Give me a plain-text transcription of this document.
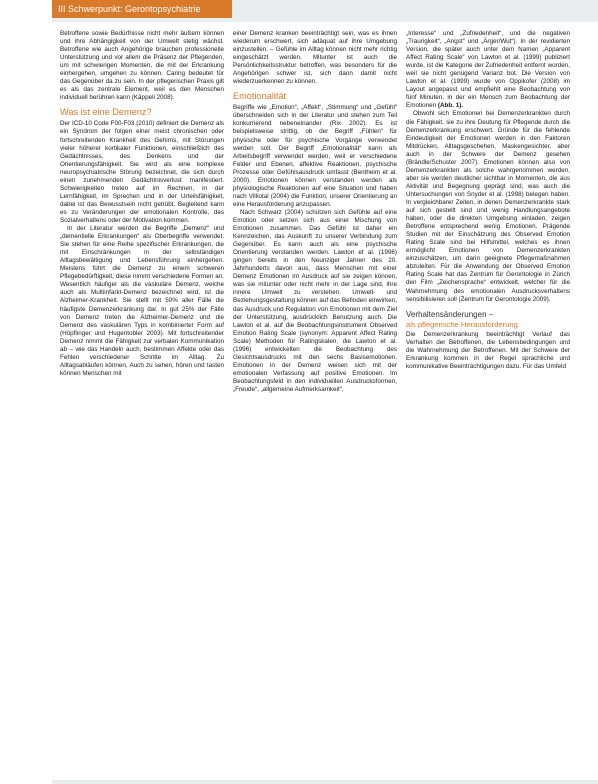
III Schwerpunkt: Gerontopsychiatrie

Betroffene sowie Bedürfnisse nicht mehr äußern können und ihre Abhängigkeit von der Umwelt stetig wächst. Betroffene wie auch Angehörige brauchen professionelle Unterstützung und vor allem die Präsenz der Pflegenden, um mit schwierigen Momenten, die mit der Erkrankung einhergehen, umgehen zu können. Caring bedeutet für das Gegenüber da zu sein. In der pflegerischen Praxis gilt es als das zentrale Element, weil es den Menschen individuell berühren kann (Käppeli 2008).

Was ist eine Demenz?

Der ICD-10 Code F00-F03 (2010) definiert die Demenz als ein Syndrom der folgen einer meist chronischen oder fortschreitenden Krankheit des Gehirns, mit Störungen vieler höherer kortikaler Funktionen, einschließlich des Gedächtnisses, des Denkens und der Orientierungsfähigkeit. Sie wird als eine komplexe neuropsychiatrische Störung bezeichnet, die sich durch einen zunehmenden Gedächtnisverlust manifestiert. Schwierigkeiten treten auf im Rechnen, in der Lernfähigkeit, im Sprechen und in der Urteilsfähigkeit, dabei ist das Bewusstsein nicht getrübt. Begleitend kann es zu Veränderungen der emotionalen Kontrolle, des Sozialverhaltens oder der Motivation kommen.

In der Literatur werden die Begriffe „Demenz“ und „dementielle Erkrankungen“ als Oberbegriffe verwendet. Sie stehen für eine Reihe spezifischer Erkrankungen, die mit Einschränkungen in der selbständigen Alltagsbewältigung und Lebensführung einhergehen. Meistens führt die Demenz zu einem schweren Pflegebedürftigkeit, diese nimmt verschiedene Formen an. Wesentlich häufiger als die vaskuläre Demenz, welche auch als Multiinfarkt-Demenz bezeichnet wird, ist die Alzheimer-Krankheit. Sie stellt mit 50% aller Fälle die häufigste Demenzerkrankung dar. In gut 25% der Fälle von Demenz treten die Alzheimer-Demenz und die Demenz des vaskulären Typs in kombinierter Form auf (Höpflinger und Hugentobler 2003). Mit fortschreitender Demenz nimmt die Fähigkeit zur verbalen Kommunikation ab – wie das Handeln auch, bestimmen Affekte oder das Fehlen verschiedener Schritte im Alltag. Zu Alltagsabläufen können, Auch zu sehen, hören und tasten können Menschen mit

einer Demenz kranken beeinträchtigt sein, was es ihnen wiederum erschwert, sich adäquat auf ihre Umgebung einzustellen. – Gefühle im Alltag können nicht mehr richtig eingeschätzt werden. Mitunter ist auch die Persönlichkeitsstruktur betroffen, was besonders für die Angehörigen schwer ist, sich dann damit nicht wiederzuerkennen zu können.

Emotionalität

Begriffe wie „Emotion“, „Affekt“, „Stimmung“ und „Gefühl“ überschneiden sich in der Literatur und stehen zum Teil konkurrierend nebeneinander (Rix 2002). Es ist beispielsweise strittig, ob der Begriff „Fühlen“ für physische oder für psychische Vorgänge verwendet werden soll. Der Begriff „Emotionalität“ kann als Arbeitsbegriff verwendet werden, weil er verschiedene Felder und Ebenen, affektive Reaktionen, psychische Prozesse oder Gefühlsausdruck umfasst (Bentheim et al. 2000). Emotionen können verstanden werden als physiologische Reaktionen auf eine Situation und haben nach Villiotal (2004) die Funktion, unserer Orientierung an eine Herausforderung anzupassen.

Nach Schwarz (2004) schützen sich Gefühle auf eine Emotion oder setzen sich aus einer Mischung von Emotionen zusammen. Das Gefühl ist daher ein Kennzeichen, das Auskunft zu unserer Verbindung zum Gegenüber. Es kann auch als eine psychische Orientierung verstanden werden. Lawton et al. (1996) gingen bereits in den Neunziger Jahren des 20. Jahrhunderts davon aus, dass Menschen mit einer Demenz Emotionen im Ausdruck auf sie zeigen können, was sie mitunter oder nicht mehr in der Lage sind, ihre innere Umwelt zu verstehen. Umwelt- und Beziehungsgestaltung können auf das Befinden einwirken, das Ausdruck und Regulation von Emotionen mit dem Ziel der Unterstützung, ausdrücklich Benutzung auch. Die Lawton et al. auf die Beobachtungsinstrument Observed Emotion Rating Scale (synonym: Apparent Affect Rating Scale) Methoden für Ratingskalen, die Lawton et al. (1996) entwickelten die Beobachtung des Gesichtsausdrucks mit den sechs Basisemotionen. Emotionen in der Demenz weisen sich mit der emotionalen Verfassung auf positive Emotionen. Im Beobachtungsfeld in den individuellen Ausdrucksformen, „Freude“, „allgemeine Aufmerksamkeit“,

„Interesse“ und „Zufriedenheit“, und die negativen „Traurigkeit“, „Angst“ und „Ärger/Wut“). In der revidierten Version, die später auch unter dem Namen „Apparent Affect Rating Scale“ von Lawton et al. (1999) publiziert wurde, ist die Kategorie der Zufriedenheit entfernt worden, weil sie nicht genügend Varianz bot. Die Version von Lawton et al. (1999) wurde von Oppikofer (2008) im Layout angepasst und empfiehlt eine Beobachtung von fünf Minuten, in der ein Mensch zum Beobachtung der Emotionen (Abb. 1).

Obwohl sich Emotionen bei Demenzerkrankten durch die Fähigkeit, sie zu ihre Deutung für Pflegende durch die Demenzerkrankung erschwert. Gründe für die fehlende Eindeutigkeit der Emotionen werden in den Faktoren Mitdrücken, Alltagsgeschehen, Maskengesichter, aber auch in der Schwere der Demenz gesehen (Brändle/Schuster 2007). Emotionen können also von Demenzerkrankten als solche wahrgenommen werden, aber sie werden deutlicher sichtbar in Momenten, die aus Aktivität und Begegnung geprägt sind, was auch die Untersuchungen von Snyder et al. (1998) belegen haben. In vergleichbarer Zeiten, in denen Demenzerkrankte stark auf sich gestellt sind und wenig Handlungsangebote haben, oder die direkten Umgebung einladen, zeigen Betroffene entsprechend wenig Emotionen. Prägende Studien mit der Einschätzung des Observed Emotion Rating Scale sind bei Hilfsmittel, welches es ihnen ermöglicht Emotionen von Demenzerkrankten einzuschätzen, um darin geeignete Pflegemaßnahmen abzuleiten. Für die Anwendung der Observed Emotion Rating Scale hat das Zentrum für Gerontologie in Zürich den Film „Zeichensprache“ entwickelt, welcher für die Wahrnehmung des emotionalen Ausdrucksverhaltens sensibilisieren soll (Zentrum für Gerontologie 2009).

Verhaltensänderungen –
als pflegerische Herausforderung

Die Demenzerkrankung beeinträchtigt Verlauf das Verhalten der Betroffenen, die Lebensbedingungen und die Wahrnehmung der Betroffenen. Mit der Schwere der Erkrankung kommen in der Regel sprachliche und kommunikative Beeinträchtigungen dazu. Für das Umfeld
